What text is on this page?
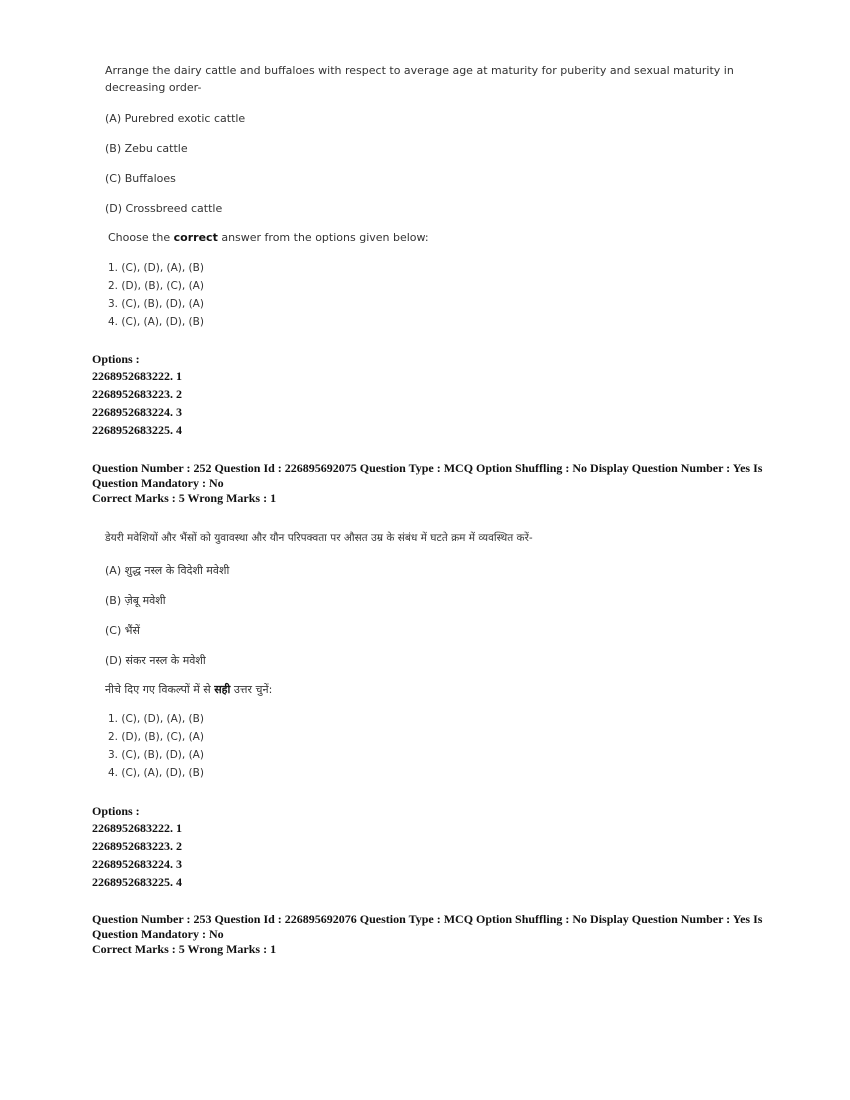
Arrange the dairy cattle and buffaloes with respect to average age at maturity for puberity and sexual maturity in
decreasing order-
(A) Purebred exotic cattle
(B) Zebu cattle
(C) Buffaloes
(D) Crossbreed cattle
Choose the correct answer from the options given below:
1. (C), (D), (A), (B)
2. (D), (B), (C), (A)
3. (C), (B), (D), (A)
4. (C), (A), (D), (B)
Options :
2268952683222. 1
2268952683223. 2
2268952683224. 3
2268952683225. 4
Question Number : 252 Question Id : 226895692075 Question Type : MCQ Option Shuffling : No Display Question Number : Yes Is
Question Mandatory : No
Correct Marks : 5 Wrong Marks : 1
डेयरी मवेशियों और भैंसों को युवावस्था और यौन परिपक्वता पर औसत उम्र के संबंध में घटते क्रम में व्यवस्थित करें-
(A) शुद्ध नस्ल के विदेशी मवेशी
(B) ज़ेबू मवेशी
(C) भैंसें
(D) संकर नस्ल के मवेशी
नीचे दिए गए विकल्पों में से सही उत्तर चुनें:
1. (C), (D), (A), (B)
2. (D), (B), (C), (A)
3. (C), (B), (D), (A)
4. (C), (A), (D), (B)
Options :
2268952683222. 1
2268952683223. 2
2268952683224. 3
2268952683225. 4
Question Number : 253 Question Id : 226895692076 Question Type : MCQ Option Shuffling : No Display Question Number : Yes Is
Question Mandatory : No
Correct Marks : 5 Wrong Marks : 1
